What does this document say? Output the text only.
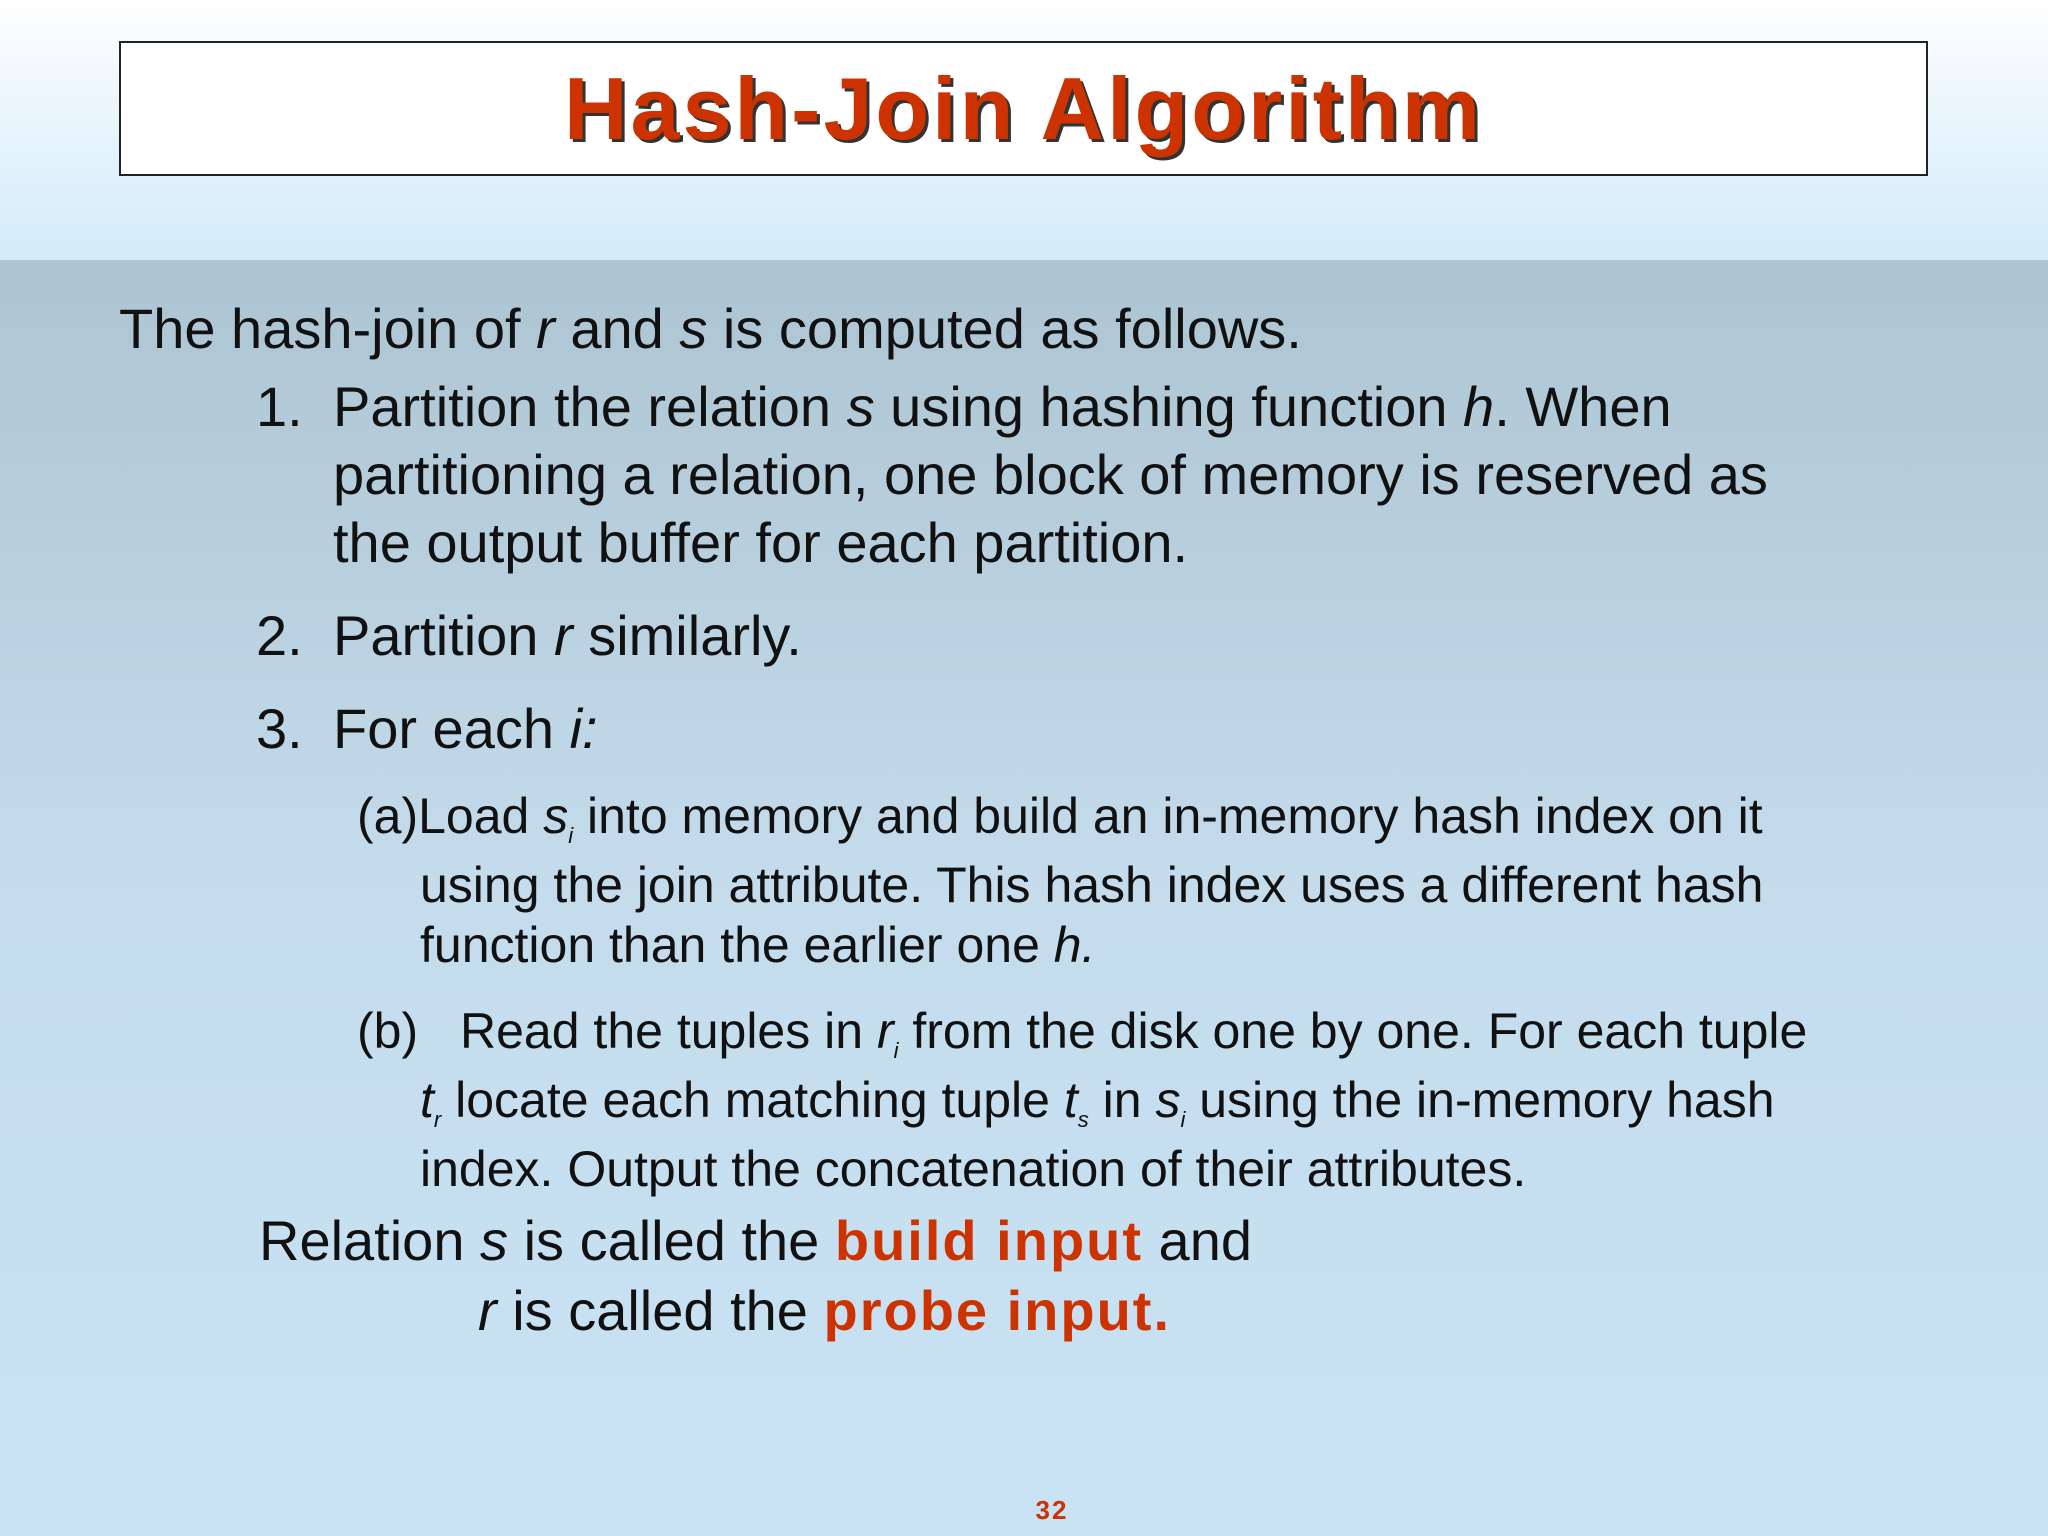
Hash-Join Algorithm
The hash-join of r and s is computed as follows.
1. Partition the relation s using hashing function h. When
partitioning a relation, one block of memory is reserved as
the output buffer for each partition.
2. Partition r similarly.
3. For each i:
(a)Load $s_i$ into memory and build an in-memory hash index on it
using the join attribute. This hash index uses a different hash
function than the earlier one h.
(b) Read the tuples in $r_i$ from the disk one by one. For each tuple
$t_r$ locate each matching tuple $t_s$ in $s_i$ using the in-memory hash
index. Output the concatenation of their attributes.
Relation s is called the build input and
r is called the probe input.
32
